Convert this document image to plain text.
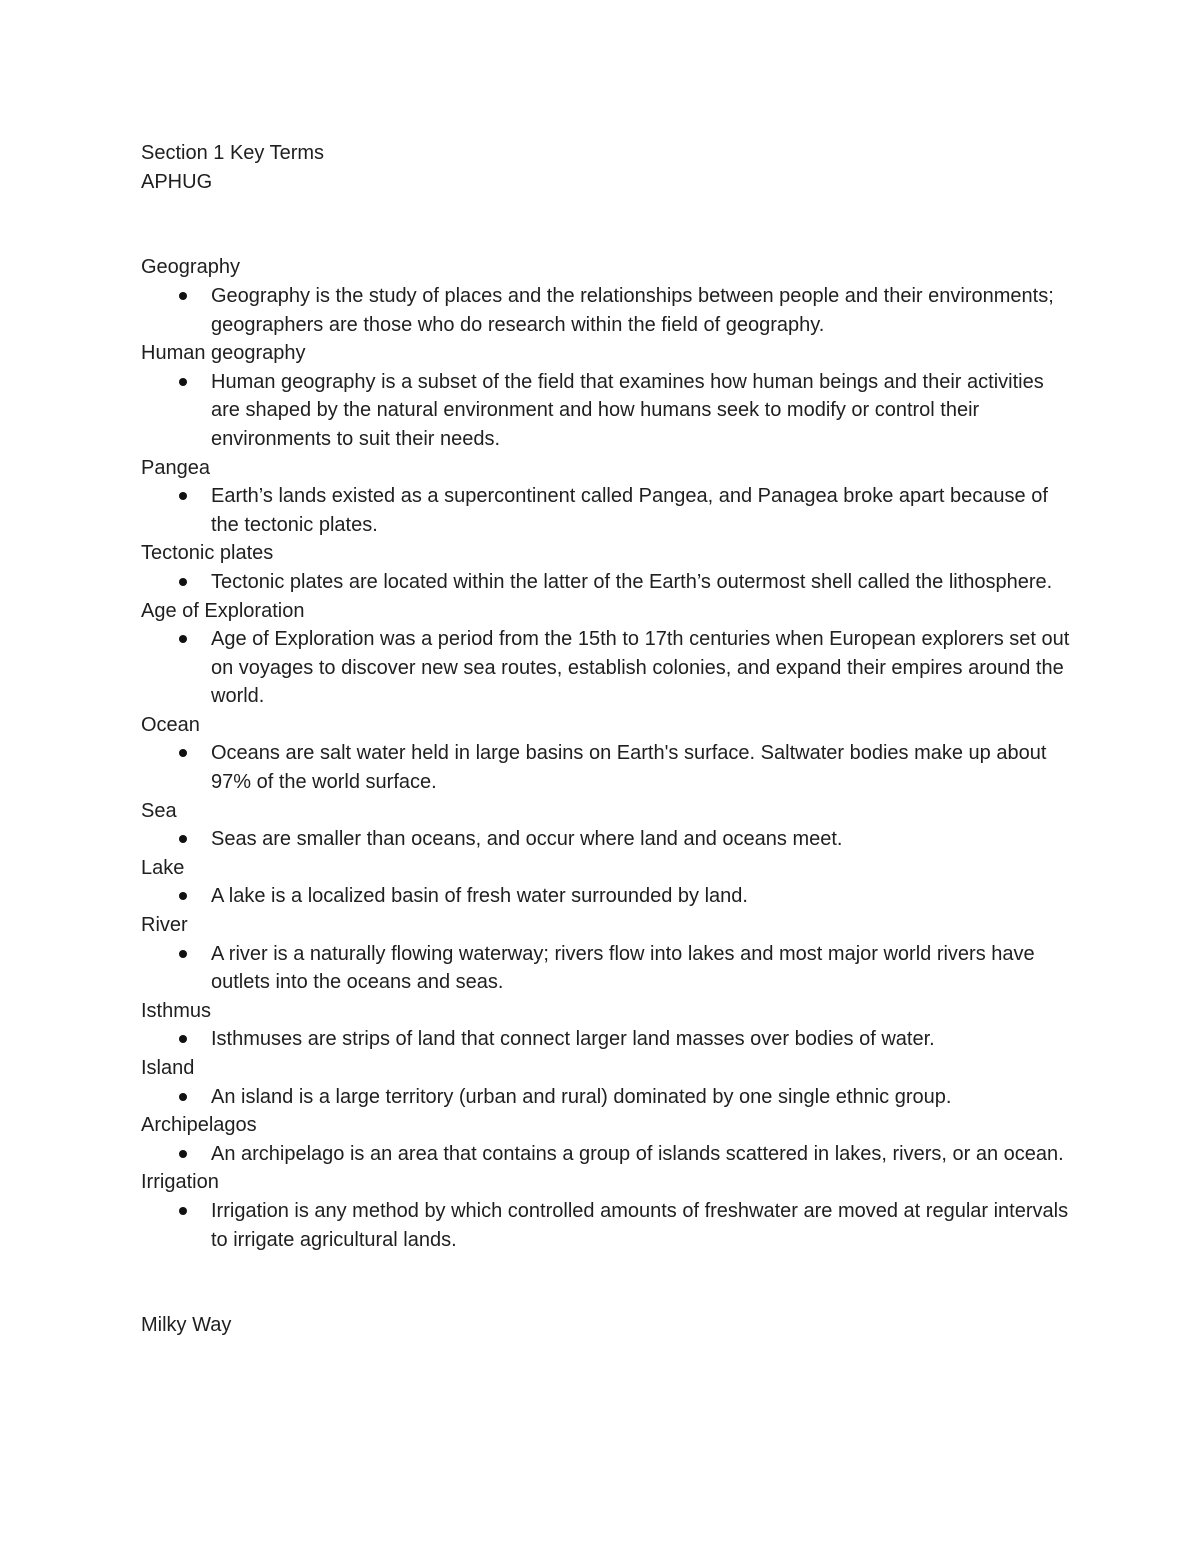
Section 1 Key Terms

APHUG

Geography

Geography is the study of places and the relationships between people and their environments; geographers are those who do research within the field of geography.

Human geography

Human geography is a subset of the field that examines how human beings and their activities are shaped by the natural environment and how humans seek to modify or control their environments to suit their needs.

Pangea

Earth’s lands existed as a supercontinent called Pangea, and Panagea broke apart because of the tectonic plates.

Tectonic plates

Tectonic plates are located within the latter of the Earth’s outermost shell called the lithosphere.

Age of Exploration

Age of Exploration was a period from the 15th to 17th centuries when European explorers set out on voyages to discover new sea routes, establish colonies, and expand their empires around the world.

Ocean

Oceans are salt water held in large basins on Earth's surface. Saltwater bodies make up about 97% of the world surface.

Sea

Seas are smaller than oceans, and occur where land and oceans meet.

Lake

A lake is a localized basin of fresh water surrounded by land.

River

A river is a naturally flowing waterway; rivers flow into lakes and most major world rivers have outlets into the oceans and seas.

Isthmus

Isthmuses are strips of land that connect larger land masses over bodies of water.

Island

An island is a large territory (urban and rural) dominated by one single ethnic group.

Archipelagos

An archipelago is an area that contains a group of islands scattered in lakes, rivers, or an ocean.

Irrigation

Irrigation is any method by which controlled amounts of freshwater are moved at regular intervals to irrigate agricultural lands.

Milky Way
